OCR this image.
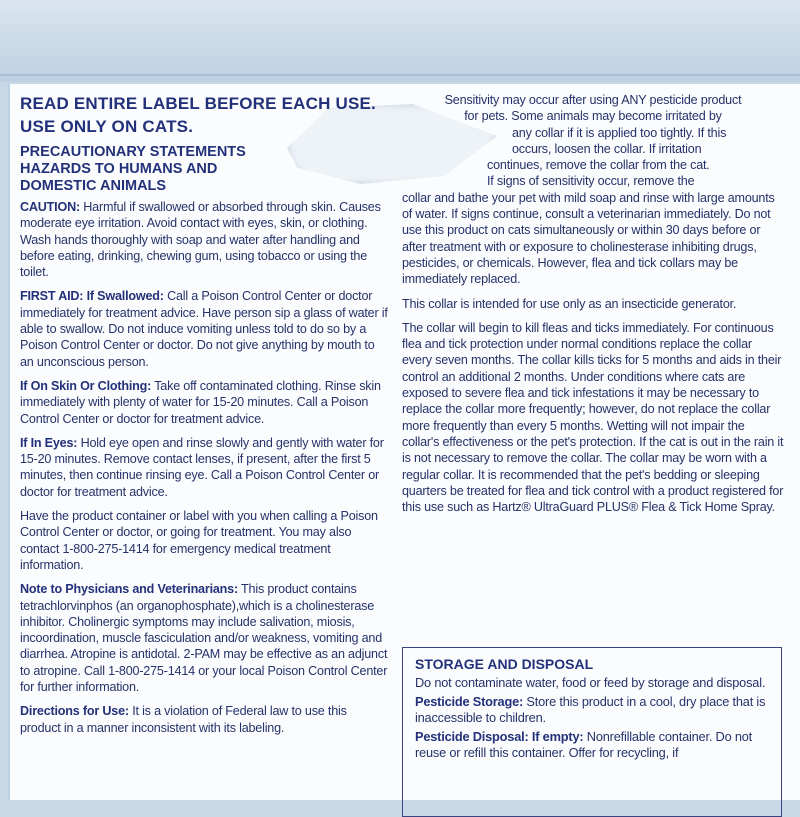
READ ENTIRE LABEL BEFORE EACH USE.
USE ONLY ON CATS.
PRECAUTIONARY STATEMENTS
HAZARDS TO HUMANS AND
DOMESTIC ANIMALS

CAUTION: Harmful if swallowed or absorbed through skin. Causes moderate eye irritation. Avoid contact with eyes, skin, or clothing. Wash hands thoroughly with soap and water after handling and before eating, drinking, chewing gum, using tobacco or using the toilet.

FIRST AID: If Swallowed: Call a Poison Control Center or doctor immediately for treatment advice. Have person sip a glass of water if able to swallow. Do not induce vomiting unless told to do so by a Poison Control Center or doctor. Do not give anything by mouth to an unconscious person.

If On Skin Or Clothing: Take off contaminated clothing. Rinse skin immediately with plenty of water for 15-20 minutes. Call a Poison Control Center or doctor for treatment advice.

If In Eyes: Hold eye open and rinse slowly and gently with water for 15-20 minutes. Remove contact lenses, if present, after the first 5 minutes, then continue rinsing eye. Call a Poison Control Center or doctor for treatment advice.

Have the product container or label with you when calling a Poison Control Center or doctor, or going for treatment. You may also contact 1-800-275-1414 for emergency medical treatment information.

Note to Physicians and Veterinarians: This product contains tetrachlorvinphos (an organophosphate),which is a cholinesterase inhibitor. Cholinergic symptoms may include salivation, miosis, incoordination, muscle fasciculation and/or weakness, vomiting and diarrhea. Atropine is antidotal. 2-PAM may be effective as an adjunct to atropine. Call 1-800-275-1414 or your local Poison Control Center for further information.

Directions for Use: It is a violation of Federal law to use this product in a manner inconsistent with its labeling.

Sensitivity may occur after using ANY pesticide product
for pets. Some animals may become irritated by
any collar if it is applied too tightly. If this
occurs, loosen the collar. If irritation
continues, remove the collar from the cat.
If signs of sensitivity occur, remove the
collar and bathe your pet with mild soap and rinse with large amounts of water. If signs continue, consult a veterinarian immediately. Do not use this product on cats simultaneously or within 30 days before or after treatment with or exposure to cholinesterase inhibiting drugs, pesticides, or chemicals. However, flea and tick collars may be immediately replaced.

This collar is intended for use only as an insecticide generator.

The collar will begin to kill fleas and ticks immediately. For continuous flea and tick protection under normal conditions replace the collar every seven months. The collar kills ticks for 5 months and aids in their control an additional 2 months. Under conditions where cats are exposed to severe flea and tick infestations it may be necessary to replace the collar more frequently; however, do not replace the collar more frequently than every 5 months. Wetting will not impair the collar's effectiveness or the pet's protection. If the cat is out in the rain it is not necessary to remove the collar. The collar may be worn with a regular collar. It is recommended that the pet's bedding or sleeping quarters be treated for flea and tick control with a product registered for this use such as Hartz® UltraGuard PLUS® Flea & Tick Home Spray.

STORAGE AND DISPOSAL

Do not contaminate water, food or feed by storage and disposal.

Pesticide Storage: Store this product in a cool, dry place that is inaccessible to children.

Pesticide Disposal: If empty: Nonrefillable container. Do not reuse or refill this container. Offer for recycling, if
